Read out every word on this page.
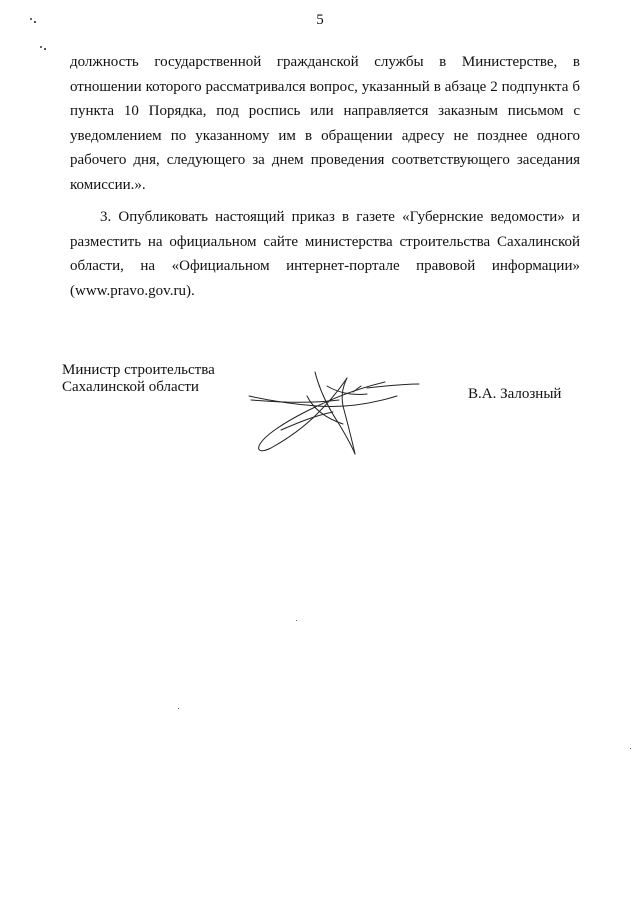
5

должность государственной гражданской службы в Министерстве, в отношении которого рассматривался вопрос, указанный в абзаце 2 подпункта б пункта 10 Порядка, под роспись или направляется заказным письмом с уведомлением по указанному им в обращении адресу не позднее одного рабочего дня, следующего за днем проведения соответствующего заседания комиссии.».

3. Опубликовать настоящий приказ в газете «Губернские ведомости» и разместить на официальном сайте министерства строительства Сахалинской области, на «Официальном интернет-портале правовой информации» (www.pravo.gov.ru).

Министр строительства
Сахалинской области	В.А. Залозный
